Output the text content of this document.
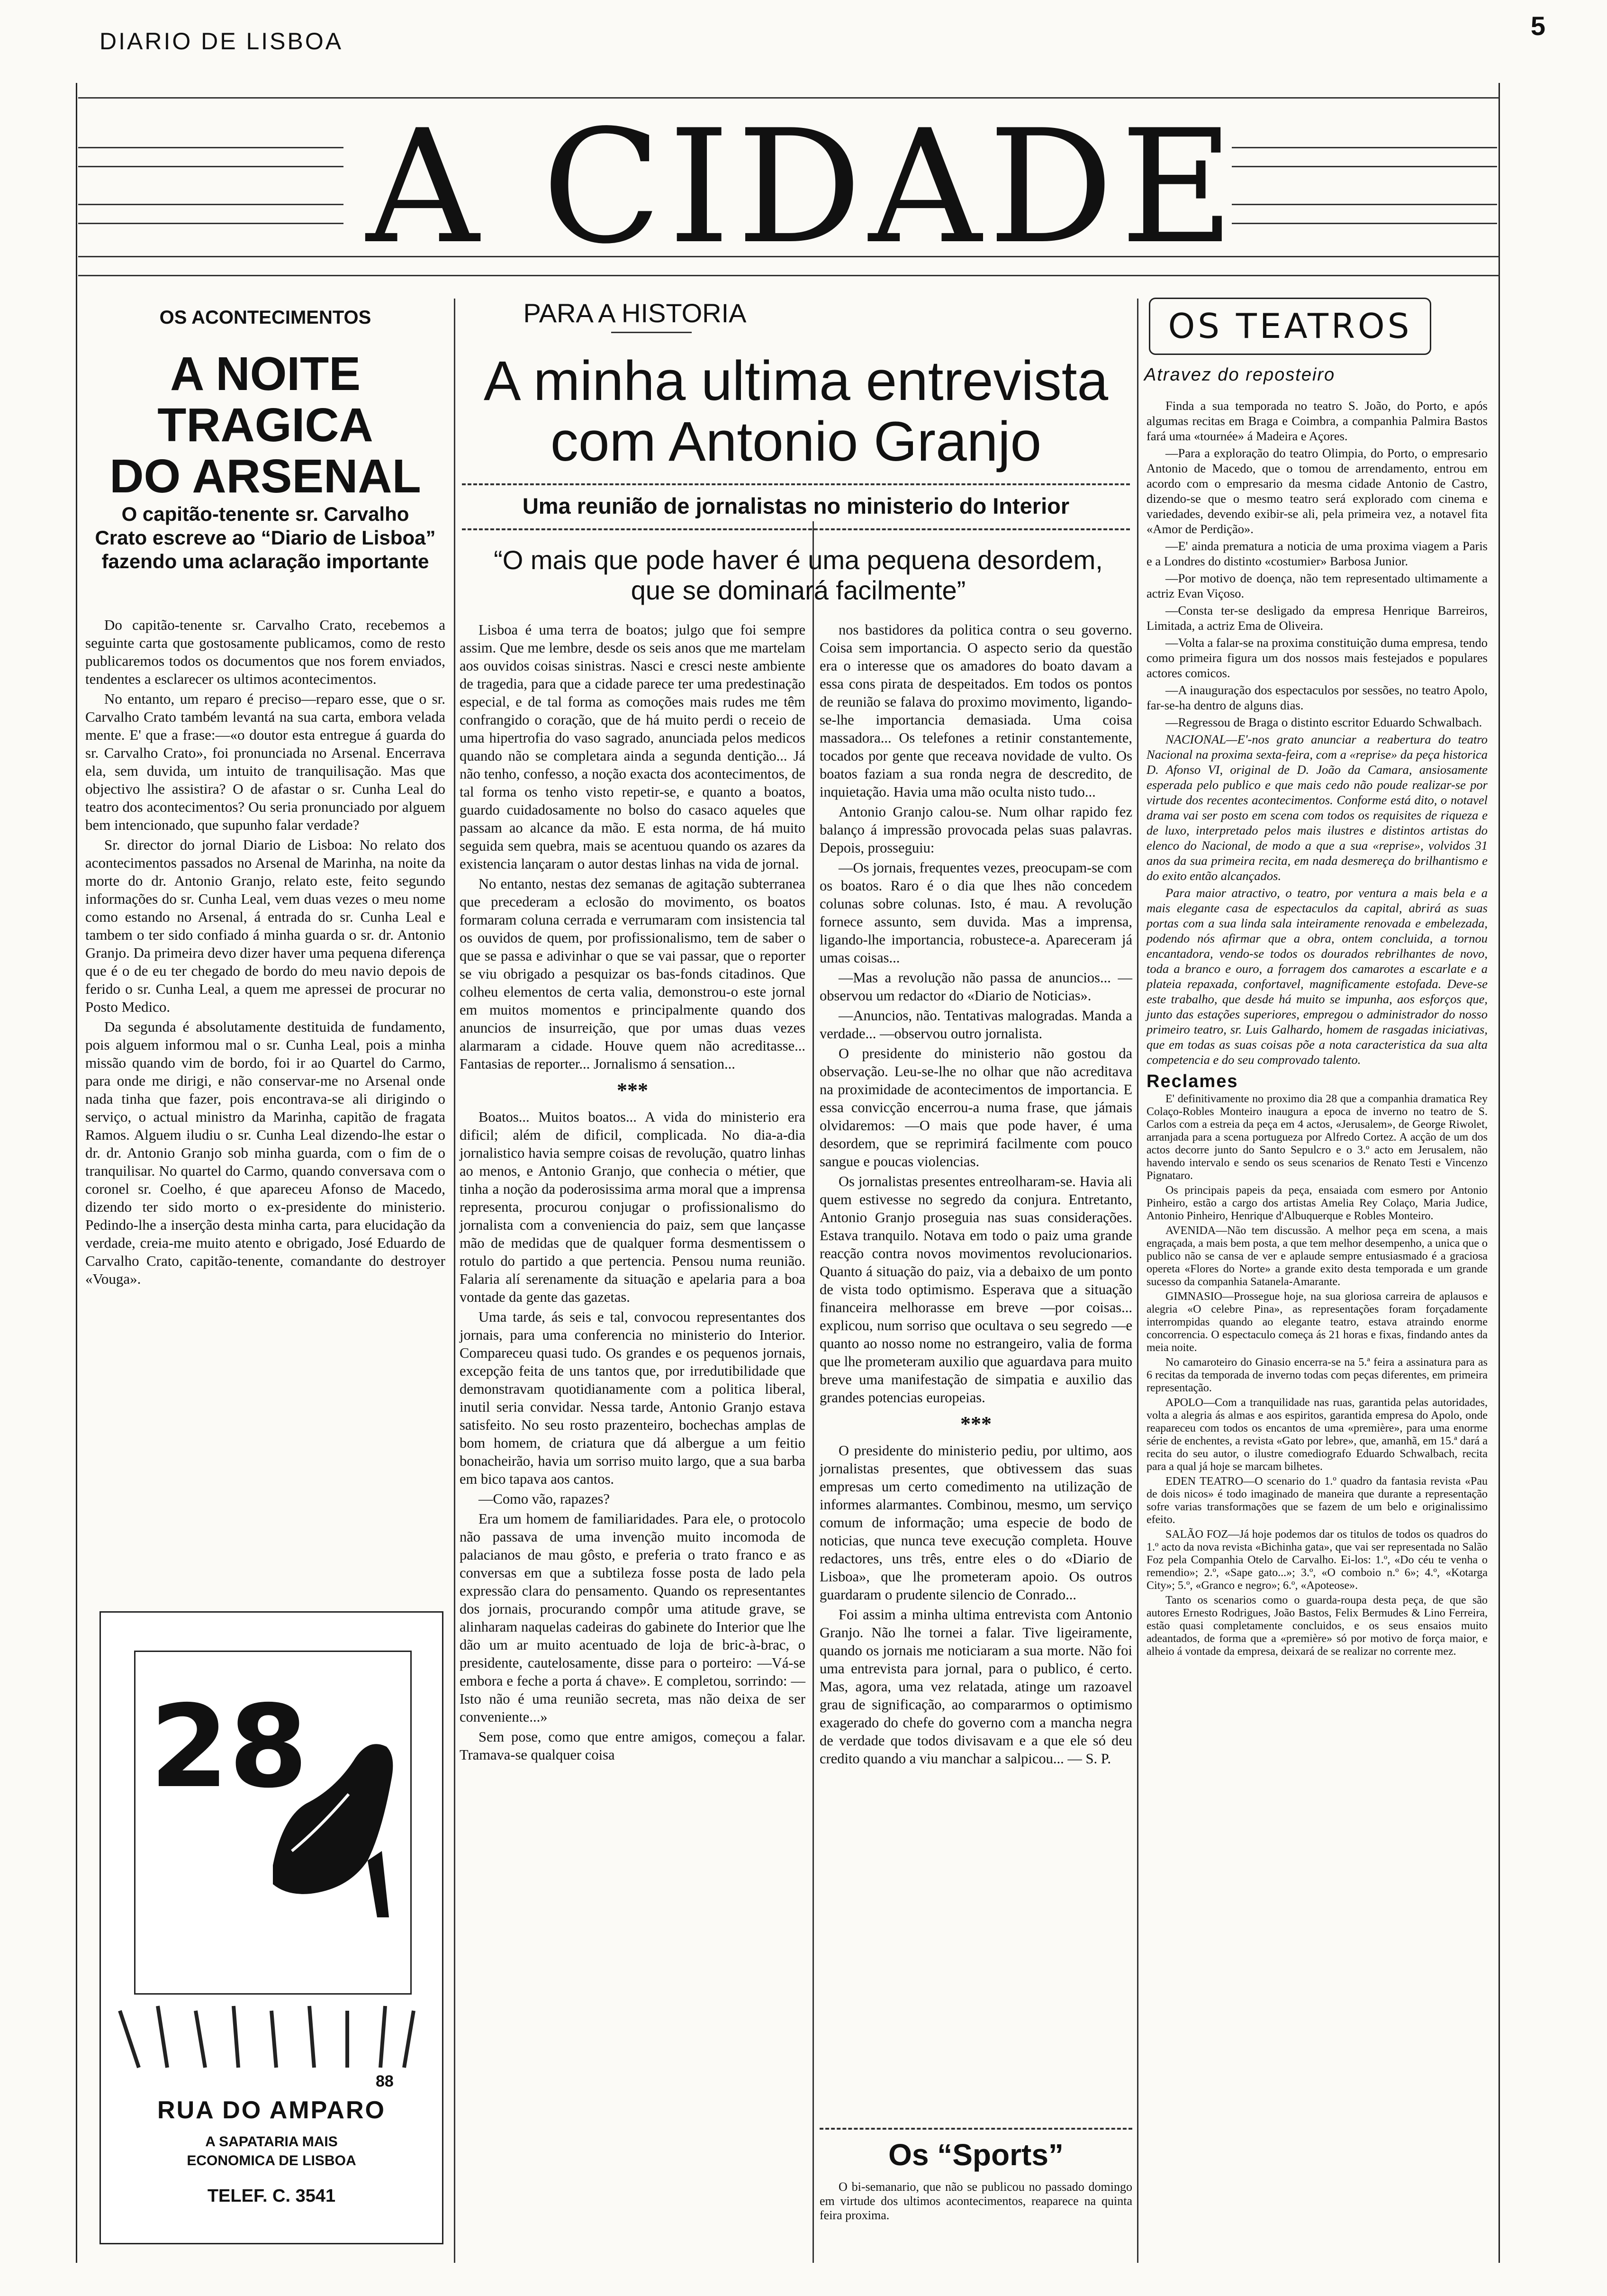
DIARIO DE LISBOA
5
A CIDADE
OS ACONTECIMENTOS
A NOITE TRAGICA
DO ARSENAL
O capitão-tenente sr. Carvalho Crato escreve ao “Diario de Lisboa” fazendo uma aclaração importante

Do capitão-tenente sr. Carvalho Crato, recebemos a seguinte carta que gostosamente publicamos, como de resto publicaremos todos os documentos que nos forem enviados, tendentes a esclarecer os ultimos acontecimentos.

No entanto, um reparo é preciso—reparo esse, que o sr. Carvalho Crato também levantá na sua carta, embora velada mente. E' que a frase:—«o doutor esta entregue á guarda do sr. Carvalho Crato», foi pronunciada no Arsenal. Encerrava ela, sem duvida, um intuito de tranquilisação. Mas que objectivo lhe assistira? O de afastar o sr. Cunha Leal do teatro dos acontecimentos? Ou seria pronunciado por alguem bem intencionado, que supunho falar verdade?

Sr. director do jornal Diario de Lisboa: No relato dos acontecimentos passados no Arsenal de Marinha, na noite da morte do dr. Antonio Granjo, relato este, feito segundo informações do sr. Cunha Leal, vem duas vezes o meu nome como estando no Arsenal, á entrada do sr. Cunha Leal e tambem o ter sido confiado á minha guarda o sr. dr. Antonio Granjo. Da primeira devo dizer haver uma pequena diferença que é o de eu ter chegado de bordo do meu navio depois de ferido o sr. Cunha Leal, a quem me apressei de procurar no Posto Medico.

Da segunda é absolutamente destituida de fundamento, pois alguem informou mal o sr. Cunha Leal, pois a minha missão quando vim de bordo, foi ir ao Quartel do Carmo, para onde me dirigi, e não conservar-me no Arsenal onde nada tinha que fazer, pois encontrava-se ali dirigindo o serviço, o actual ministro da Marinha, capitão de fragata Ramos. Alguem iludiu o sr. Cunha Leal dizendo-lhe estar o dr. dr. Antonio Granjo sob minha guarda, com o fim de o tranquilisar. No quartel do Carmo, quando conversava com o coronel sr. Coelho, é que apareceu Afonso de Macedo, dizendo ter sido morto o ex-presidente do ministerio. Pedindo-lhe a inserção desta minha carta, para elucidação da verdade, creia-me muito atento e obrigado, José Eduardo de Carvalho Crato, capitão-tenente, comandante do destroyer «Vouga».

28
88
RUA DO AMPARO
A SAPATARIA MAIS
ECONOMICA DE LISBOA
TELEF. C. 3541
PARA A HISTORIA
A minha ultima entrevista
com Antonio Granjo
Uma reunião de jornalistas no ministerio do Interior
“O mais que pode haver é uma pequena desordem, que se dominará facilmente”

Lisboa é uma terra de boatos; julgo que foi sempre assim. Que me lembre, desde os seis anos que me martelam aos ouvidos coisas sinistras. Nasci e cresci neste ambiente de tragedia, para que a cidade parece ter uma predestinação especial, e de tal forma as comoções mais rudes me têm confrangido o coração, que de há muito perdi o receio de uma hipertrofia do vaso sagrado, anunciada pelos medicos quando não se completara ainda a segunda dentição... Já não tenho, confesso, a noção exacta dos acontecimentos, de tal forma os tenho visto repetir-se, e quanto a boatos, guardo cuidadosamente no bolso do casaco aqueles que passam ao alcance da mão. E esta norma, de há muito seguida sem quebra, mais se acentuou quando os azares da existencia lançaram o autor destas linhas na vida de jornal.

No entanto, nestas dez semanas de agitação subterranea que precederam a eclosão do movimento, os boatos formaram coluna cerrada e verrumaram com insistencia tal os ouvidos de quem, por profissionalismo, tem de saber o que se passa e adivinhar o que se vai passar, que o reporter se viu obrigado a pesquizar os bas-fonds citadinos. Que colheu elementos de certa valia, demonstrou-o este jornal em muitos momentos e principalmente quando dos anuncios de insurreição, que por umas duas vezes alarmaram a cidade. Houve quem não acreditasse... Fantasias de reporter... Jornalismo á sensation...

***

Boatos... Muitos boatos... A vida do ministerio era dificil; além de dificil, complicada. No dia-a-dia jornalistico havia sempre coisas de revolução, quatro linhas ao menos, e Antonio Granjo, que conhecia o métier, que tinha a noção da poderosissima arma moral que a imprensa representa, procurou conjugar o profissionalismo do jornalista com a conveniencia do paiz, sem que lançasse mão de medidas que de qualquer forma desmentissem o rotulo do partido a que pertencia. Pensou numa reunião. Falaria alí serenamente da situação e apelaria para a boa vontade da gente das gazetas.

Uma tarde, ás seis e tal, convocou representantes dos jornais, para uma conferencia no ministerio do Interior. Compareceu quasi tudo. Os grandes e os pequenos jornais, excepção feita de uns tantos que, por irredutibilidade que demonstravam quotidianamente com a politica liberal, inutil seria convidar. Nessa tarde, Antonio Granjo estava satisfeito. No seu rosto prazenteiro, bochechas amplas de bom homem, de criatura que dá albergue a um feitio bonacheirão, havia um sorriso muito largo, que a sua barba em bico tapava aos cantos.

—Como vão, rapazes?

Era um homem de familiaridades. Para ele, o protocolo não passava de uma invenção muito incomoda de palacianos de mau gôsto, e preferia o trato franco e as conversas em que a subtileza fosse posta de lado pela expressão clara do pensamento. Quando os representantes dos jornais, procurando compôr uma atitude grave, se alinharam naquelas cadeiras do gabinete do Interior que lhe dão um ar muito acentuado de loja de bric-à-brac, o presidente, cautelosamente, disse para o porteiro: —Vá-se embora e feche a porta á chave». E completou, sorrindo: —Isto não é uma reunião secreta, mas não deixa de ser conveniente...»

Sem pose, como que entre amigos, começou a falar. Tramava-se qualquer coisa

nos bastidores da politica contra o seu governo. Coisa sem importancia. O aspecto serio da questão era o interesse que os amadores do boato davam a essa cons pirata de despeitados. Em todos os pontos de reunião se falava do proximo movimento, ligando-se-lhe importancia demasiada. Uma coisa massadora... Os telefones a retinir constantemente, tocados por gente que receava novidade de vulto. Os boatos faziam a sua ronda negra de descredito, de inquietação. Havia uma mão oculta nisto tudo...

Antonio Granjo calou-se. Num olhar rapido fez balanço á impressão provocada pelas suas palavras. Depois, prosseguiu:

—Os jornais, frequentes vezes, preocupam-se com os boatos. Raro é o dia que lhes não concedem colunas sobre colunas. Isto, é mau. A revolução fornece assunto, sem duvida. Mas a imprensa, ligando-lhe importancia, robustece-a. Apareceram já umas coisas...

—Mas a revolução não passa de anuncios... —observou um redactor do «Diario de Noticias».

—Anuncios, não. Tentativas malogradas. Manda a verdade... —observou outro jornalista.

O presidente do ministerio não gostou da observação. Leu-se-lhe no olhar que não acreditava na proximidade de acontecimentos de importancia. E essa convicção encerrou-a numa frase, que jámais olvidaremos: —O mais que pode haver, é uma desordem, que se reprimirá facilmente com pouco sangue e poucas violencias.

Os jornalistas presentes entreolharam-se. Havia ali quem estivesse no segredo da conjura. Entretanto, Antonio Granjo proseguia nas suas considerações. Estava tranquilo. Notava em todo o paiz uma grande reacção contra novos movimentos revolucionarios. Quanto á situação do paiz, via a debaixo de um ponto de vista todo optimismo. Esperava que a situação financeira melhorasse em breve —por coisas... explicou, num sorriso que ocultava o seu segredo —e quanto ao nosso nome no estrangeiro, valia de forma que lhe prometeram auxilio que aguardava para muito breve uma manifestação de simpatia e auxilio das grandes potencias europeias.

***

O presidente do ministerio pediu, por ultimo, aos jornalistas presentes, que obtivessem das suas empresas um certo comedimento na utilização de informes alarmantes. Combinou, mesmo, um serviço comum de informação; uma especie de bodo de noticias, que nunca teve execução completa. Houve redactores, uns três, entre eles o do «Diario de Lisboa», que lhe prometeram apoio. Os outros guardaram o prudente silencio de Conrado...

Foi assim a minha ultima entrevista com Antonio Granjo. Não lhe tornei a falar. Tive ligeiramente, quando os jornais me noticiaram a sua morte. Não foi uma entrevista para jornal, para o publico, é certo. Mas, agora, uma vez relatada, atinge um razoavel grau de significação, ao compararmos o optimismo exagerado do chefe do governo com a mancha negra de verdade que todos divisavam e a que ele só deu credito quando a viu manchar a salpicou... — S. P.

Os “Sports”
O bi-semanario, que não se publicou no passado domingo em virtude dos ultimos acontecimentos, reaparece na quinta feira proxima.
OS TEATROS
Atravez do reposteiro

Finda a sua temporada no teatro S. João, do Porto, e após algumas recitas em Braga e Coimbra, a companhia Palmira Bastos fará uma «tournée» á Madeira e Açores.

—Para a exploração do teatro Olimpia, do Porto, o empresario Antonio de Macedo, que o tomou de arrendamento, entrou em acordo com o empresario da mesma cidade Antonio de Castro, dizendo-se que o mesmo teatro será explorado com cinema e variedades, devendo exibir-se ali, pela primeira vez, a notavel fita «Amor de Perdição».

—E' ainda prematura a noticia de uma proxima viagem a Paris e a Londres do distinto «costumier» Barbosa Junior.

—Por motivo de doença, não tem representado ultimamente a actriz Evan Viçoso.

—Consta ter-se desligado da empresa Henrique Barreiros, Limitada, a actriz Ema de Oliveira.

—Volta a falar-se na proxima constituição duma empresa, tendo como primeira figura um dos nossos mais festejados e populares actores comicos.

—A inauguração dos espectaculos por sessões, no teatro Apolo, far-se-ha dentro de alguns dias.

—Regressou de Braga o distinto escritor Eduardo Schwalbach.

NACIONAL—E'-nos grato anunciar a reabertura do teatro Nacional na proxima sexta-feira, com a «reprise» da peça historica D. Afonso VI, original de D. João da Camara, ansiosamente esperada pelo publico e que mais cedo não poude realizar-se por virtude dos recentes acontecimentos. Conforme está dito, o notavel drama vai ser posto em scena com todos os requisites de riqueza e de luxo, interpretado pelos mais ilustres e distintos artistas do elenco do Nacional, de modo a que a sua «reprise», volvidos 31 anos da sua primeira recita, em nada desmereça do brilhantismo e do exito então alcançados.

Para maior atractivo, o teatro, por ventura a mais bela e a mais elegante casa de espectaculos da capital, abrirá as suas portas com a sua linda sala inteiramente renovada e embelezada, podendo nós afirmar que a obra, ontem concluida, a tornou encantadora, vendo-se todos os dourados rebrilhantes de novo, toda a branco e ouro, a forragem dos camarotes a escarlate e a plateia repaxada, confortavel, magnificamente estofada. Deve-se este trabalho, que desde há muito se impunha, aos esforços que, junto das estações superiores, empregou o administrador do nosso primeiro teatro, sr. Luis Galhardo, homem de rasgadas iniciativas, que em todas as suas coisas põe a nota caracteristica da sua alta competencia e do seu comprovado talento.

Reclames

E' definitivamente no proximo dia 28 que a companhia dramatica Rey Colaço-Robles Monteiro inaugura a epoca de inverno no teatro de S. Carlos com a estreia da peça em 4 actos, «Jerusalem», de George Riwolet, arranjada para a scena portugueza por Alfredo Cortez. A acção de um dos actos decorre junto do Santo Sepulcro e o 3.º acto em Jerusalem, não havendo intervalo e sendo os seus scenarios de Renato Testi e Vincenzo Pignataro.

Os principais papeis da peça, ensaiada com esmero por Antonio Pinheiro, estão a cargo dos artistas Amelia Rey Colaço, Maria Judice, Antonio Pinheiro, Henrique d'Albuquerque e Robles Monteiro.

AVENIDA—Não tem discussão. A melhor peça em scena, a mais engraçada, a mais bem posta, a que tem melhor desempenho, a unica que o publico não se cansa de ver e aplaude sempre entusiasmado é a graciosa opereta «Flores do Norte» a grande exito desta temporada e um grande sucesso da companhia Satanela-Amarante.

GIMNASIO—Prossegue hoje, na sua gloriosa carreira de aplausos e alegria «O celebre Pina», as representações foram forçadamente interrompidas quando ao elegante teatro, estava atraindo enorme concorrencia. O espectaculo começa ás 21 horas e fixas, findando antes da meia noite.

No camaroteiro do Ginasio encerra-se na 5.ª feira a assinatura para as 6 recitas da temporada de inverno todas com peças diferentes, em primeira representação.

APOLO—Com a tranquilidade nas ruas, garantida pelas autoridades, volta a alegria ás almas e aos espiritos, garantida empresa do Apolo, onde reapareceu com todos os encantos de uma «première», para uma enorme série de enchentes, a revista «Gato por lebre», que, amanhã, em 15.ª dará a recita do seu autor, o ilustre comediografo Eduardo Schwalbach, recita para a qual já hoje se marcam bilhetes.

EDEN TEATRO—O scenario do 1.º quadro da fantasia revista «Pau de dois nicos» é todo imaginado de maneira que durante a representação sofre varias transformações que se fazem de um belo e originalissimo efeito.

SALÃO FOZ—Já hoje podemos dar os titulos de todos os quadros do 1.º acto da nova revista «Bichinha gata», que vai ser representada no Salão Foz pela Companhia Otelo de Carvalho. Ei-los: 1.º, «Do céu te venha o remendio»; 2.º, «Sape gato...»; 3.º, «O comboio n.º 6»; 4.º, «Kotarga City»; 5.º, «Granco e negro»; 6.º, «Apoteose».

Tanto os scenarios como o guarda-roupa desta peça, de que são autores Ernesto Rodrigues, João Bastos, Felix Bermudes & Lino Ferreira, estão quasi completamente concluidos, e os seus ensaios muito adeantados, de forma que a «première» só por motivo de força maior, e alheio á vontade da empresa, deixará de se realizar no corrente mez.
